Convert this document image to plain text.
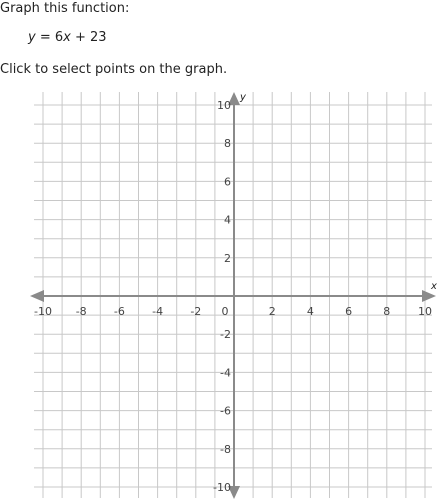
Graph this function:
y = 6x + 23
Click to select points on the graph.
-10 -8 -6 -4 -2 0	2	4	6	8	10
10
8
6
4
2
-2
-4
-6
-8
-10
x
y
